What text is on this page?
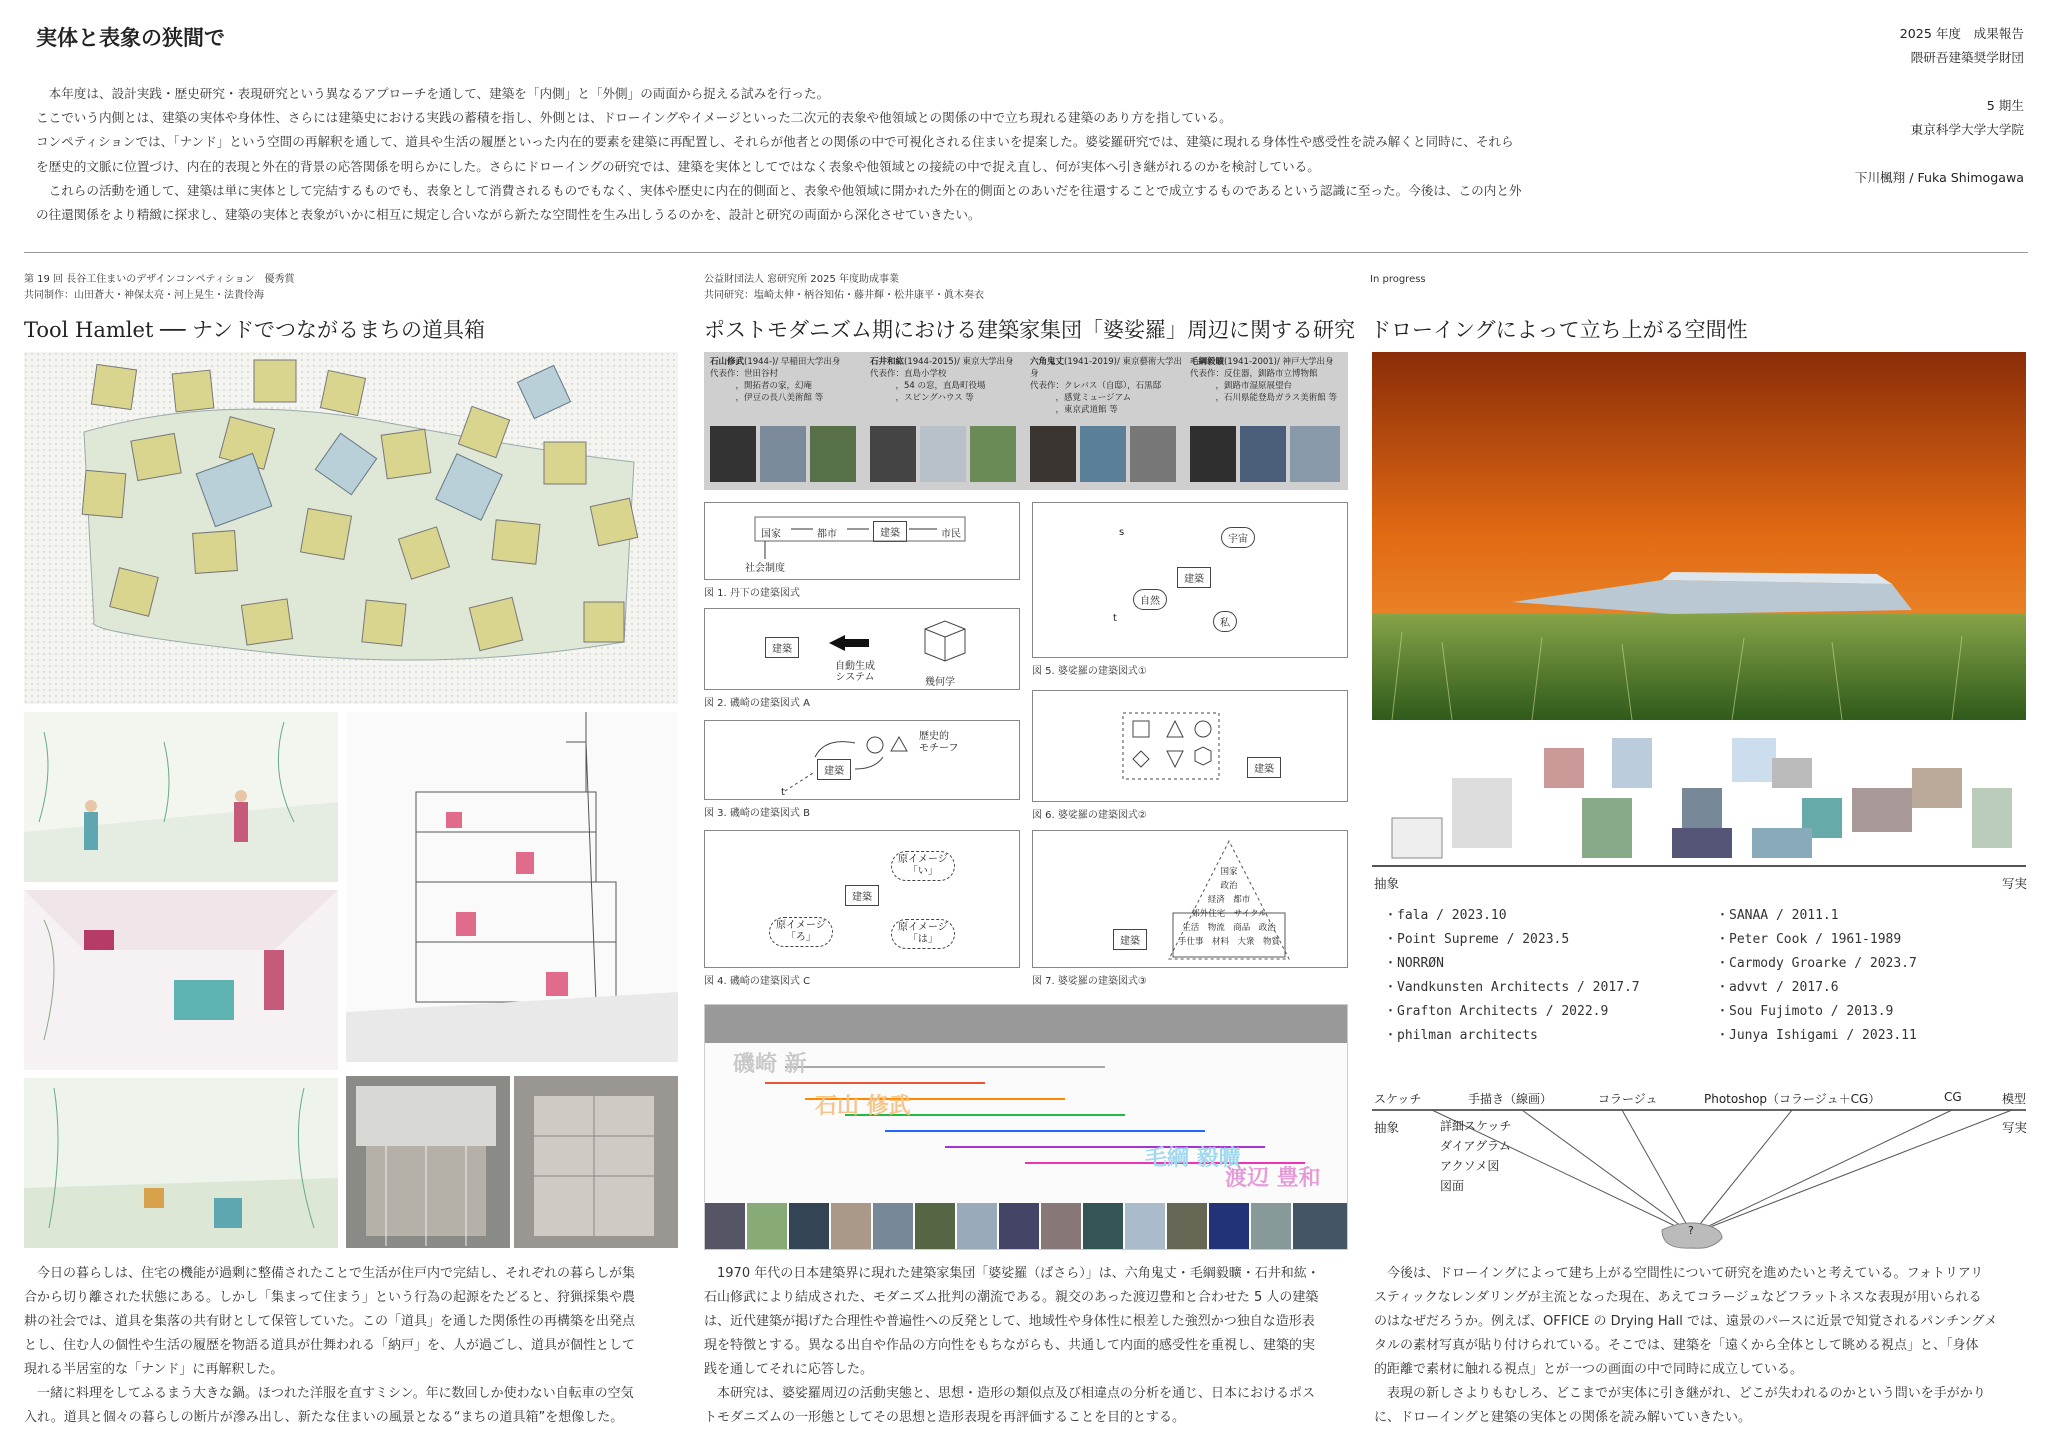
実体と表象の狭間で

　本年度は、設計実践・歴史研究・表現研究という異なるアプローチを通して、建築を「内側」と「外側」の両面から捉える試みを行った。

ここでいう内側とは、建築の実体や身体性、さらには建築史における実践の蓄積を指し、外側とは、ドローイングやイメージといった二次元的表象や他領域との関係の中で立ち現れる建築のあり方を指している。

コンペティションでは、「ナンド」という空間の再解釈を通して、道具や生活の履歴といった内在的要素を建築に再配置し、それらが他者との関係の中で可視化される住まいを提案した。婆娑羅研究では、建築に現れる身体性や感受性を読み解くと同時に、それら

を歴史的文脈に位置づけ、内在的表現と外在的背景の応答関係を明らかにした。さらにドローイングの研究では、建築を実体としてではなく表象や他領域との接続の中で捉え直し、何が実体へ引き継がれるのかを検討している。

　これらの活動を通して、建築は単に実体として完結するものでも、表象として消費されるものでもなく、実体や歴史に内在的側面と、表象や他領域に開かれた外在的側面とのあいだを往還することで成立するものであるという認識に至った。今後は、この内と外

の往還関係をより精緻に探求し、建築の実体と表象がいかに相互に規定し合いながら新たな空間性を生み出しうるのかを、設計と研究の両面から深化させていきたい。

2025 年度　成果報告
隈研吾建築奨学財団
5 期生
東京科学大学大学院
下川楓翔 / Fuka Shimogawa
第 19 回 長谷工住まいのデザインコンペティション　優秀賞
共同制作：山田蒼大・神保太亮・河上晃生・法貴伶海
Tool Hamlet ── ナンドでつながるまちの道具箱
　今日の暮らしは、住宅の機能が過剰に整備されたことで生活が住戸内で完結し、それぞれの暮らしが集
合から切り離された状態にある。しかし「集まって住まう」という行為の起源をたどると、狩猟採集や農
耕の社会では、道具を集落の共有財として保管していた。この「道具」を通した関係性の再構築を出発点
とし、住む人の個性や生活の履歴を物語る道具が仕舞われる「納戸」を、人が過ごし、道具が個性として
現れる半居室的な「ナンド」に再解釈した。
　一緒に料理をしてふるまう大きな鍋。ほつれた洋服を直すミシン。年に数回しか使わない自転車の空気
入れ。道具と個々の暮らしの断片が滲み出し、新たな住まいの風景となる“まちの道具箱”を想像した。
公益財団法人 窓研究所 2025 年度助成事業
共同研究：塩崎太伸・柄谷知佑・藤井輝・松井康平・眞木奏衣
ポストモダニズム期における建築家集団「婆娑羅」周辺に関する研究
石山修武(1944-)/ 早稲田大学出身
代表作：世田谷村
　　　，開拓者の家，幻庵
　　　，伊豆の長八美術館 等
石井和紘(1944-2015)/ 東京大学出身
代表作：直島小学校
　　　，54 の窓，直島町役場
　　　，スピングハウス 等
六角鬼丈(1941-2019)/ 東京藝術大学出身
代表作：クレバス（自邸），石黒邸
　　　，感覚ミュージアム
　　　，東京武道館 等
毛綱毅曠(1941-2001)/ 神戸大学出身
代表作：反住器，釧路市立博物館
　　　，釧路市湿原展望台
　　　，石川県能登島ガラス美術館 等
国家	都市	建築	市民
社会制度
図 1. 丹下の建築図式
建築
自動生成
システム	幾何学
図 2. 磯崎の建築図式 A
建築
歴史的
モチーフ
t
図 3. 磯崎の建築図式 B
建築
原イメージ
「い」
原イメージ
「ろ」
原イメージ
「は」
図 4. 磯崎の建築図式 C
建築
宇宙
自然
私
s
t
図 5. 婆娑羅の建築図式①
建築
図 6. 婆娑羅の建築図式②
建築
国家
政治
経済　都市
郊外住宅　サイクル
生活　物流　商品　政治
手仕事　材料　大衆　物質
図 7. 婆娑羅の建築図式③
磯崎 新
石山 修武
毛綱 毅曠
渡辺 豊和
　1970 年代の日本建築界に現れた建築家集団「婆娑羅（ばさら）」は、六角鬼丈・毛綱毅曠・石井和紘・
石山修武により結成された、モダニズム批判の潮流である。親交のあった渡辺豊和と合わせた 5 人の建築
は、近代建築が掲げた合理性や普遍性への反発として、地域性や身体性に根差した強烈かつ独自な造形表
現を特徴とする。異なる出自や作品の方向性をもちながらも、共通して内面的感受性を重視し、建築的実
践を通してそれに応答した。
　本研究は、婆娑羅周辺の活動実態と、思想・造形の類似点及び相違点の分析を通じ、日本におけるポス
トモダニズムの一形態としてその思想と造形表現を再評価することを目的とする。
In progress
ドローイングによって立ち上がる空間性
抽象	写実
・fala / 2023.10
・Point Supreme / 2023.5
・NORRØN
・Vandkunsten Architects / 2017.7
・Grafton Architects / 2022.9
・philman architects
・SANAA / 2011.1
・Peter Cook / 1961-1989
・Carmody Groarke / 2023.7
・advvt / 2017.6
・Sou Fujimoto / 2013.9
・Junya Ishigami / 2023.11
スケッチ	手描き（線画）	コラージュ	Photoshop（コラージュ＋CG）	CG	模型
抽象	写実
詳細スケッチ
ダイアグラム
アクソメ図
図面
?
　今後は、ドローイングによって建ち上がる空間性について研究を進めたいと考えている。フォトリアリ
スティックなレンダリングが主流となった現在、あえてコラージュなどフラットネスな表現が用いられる
のはなぜだろうか。例えば、OFFICE の Drying Hall では、遠景のパースに近景で知覚されるパンチングメ
タルの素材写真が貼り付けられている。そこでは、建築を「遠くから全体として眺める視点」と、「身体
的距離で素材に触れる視点」とが一つの画面の中で同時に成立している。
　表現の新しさよりもむしろ、どこまでが実体に引き継がれ、どこが失われるのかという問いを手がかり
に、ドローイングと建築の実体との関係を読み解いていきたい。
